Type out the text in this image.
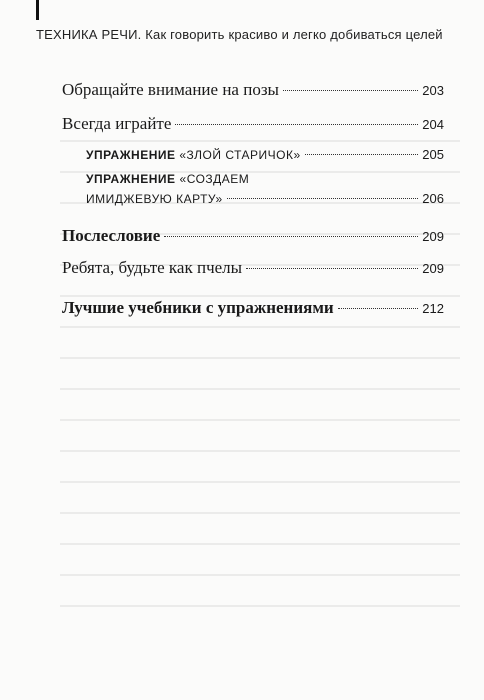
ТЕХНИКА РЕЧИ. Как говорить красиво и легко добиваться целей
Обращайте внимание на позы	203
Всегда играйте	204
УПРАЖНЕНИЕ «ЗЛОЙ СТАРИЧОК»	205
УПРАЖНЕНИЕ «СОЗДАЕМ
ИМИДЖЕВУЮ КАРТУ»	206
Послесловие	209
Ребята, будьте как пчелы	209
Лучшие учебники с упражнениями	212
